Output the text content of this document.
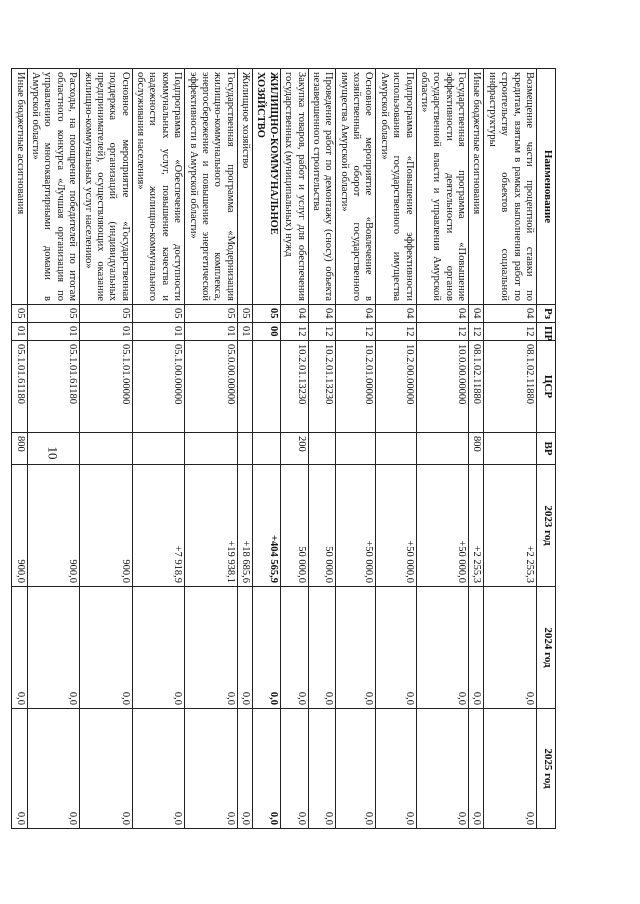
10
Наименование	Рз	ПР	ЦСР	ВР	2023 год	2024 год	2025 год
Возмещение части процентной ставки по кредитам, взятым в рамках выполнения работ по строительству объектов социальной инфраструктуры	04	12	08.1.02.11880		+2 255,3	0,0	0,0
Иные бюджетные ассигнования	04	12	08.1.02.11880	800	+2 255,3	0,0	0,0
Государственная программа «Повышение эффективности деятельности органов государственной власти и управления Амурской области»	04	12	10.0.00.00000		+50 000,0	0,0	0,0
Подпрограмма «Повышение эффективности использования государственного имущества Амурской области»	04	12	10.2.00.00000		+50 000,0	0,0	0,0
Основное мероприятие «Вовлечение в хозяйственный оборот государственного имущества Амурской области»	04	12	10.2.01.00000		+50 000,0	0,0	0,0
Проведение работ по демонтажу (сносу) объекта незавершенного строительства	04	12	10.2.01.13230		50 000,0	0,0	0,0
Закупка товаров, работ и услуг для обеспечения государственных (муниципальных) нужд	04	12	10.2.01.13230	200	50 000,0	0,0	0,0
ЖИЛИЩНО-КОММУНАЛЬНОЕ ХОЗЯЙСТВО	05	00			+404 565,9	0,0	0,0
Жилищное хозяйство	05	01			+18 685,6	0,0	0,0
Государственная программа «Модернизация жилищно-коммунального комплекса, энергосбережение и повышение энергетической эффективности в Амурской области»	05	01	05.0.00.00000		+19 938,1	0,0	0,0
Подпрограмма «Обеспечение доступности коммунальных услуг, повышение качества и надежности жилищно-коммунального обслуживания населения»	05	01	05.1.00.00000		+7 918,9	0,0	0,0
Основное мероприятие «Государственная поддержка организаций (индивидуальных предпринимателей), осуществляющих оказание жилищно-коммунальных услуг населению»	05	01	05.1.01.00000		900,0	0,0	0,0
Расходы, на поощрение победителей по итогам областного конкурса «Лучшая организация по управлению многоквартирными домами в Амурской области»	05	01	05.1.01.61180		900,0	0,0	0,0
Иные бюджетные ассигнования	05	01	05.1.01.61180	800	900,0	0,0	0,0
